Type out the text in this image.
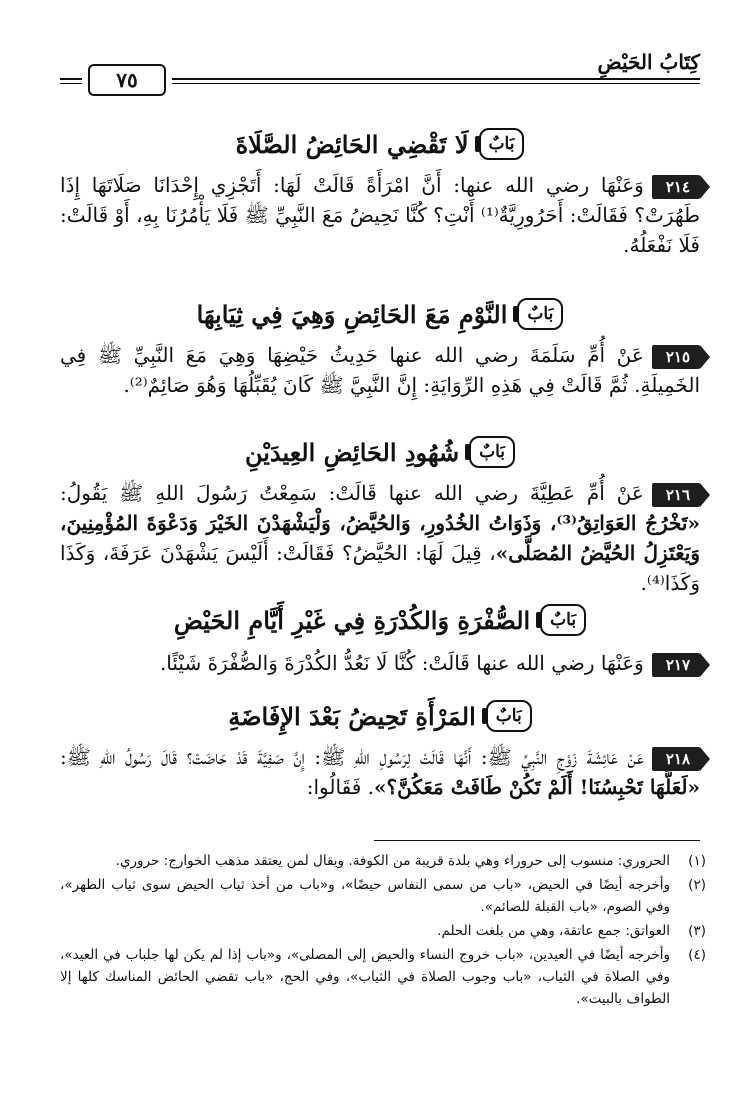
كِتَابُ الحَيْضِ
٧٥
بَابٌ
لَا تَقْضِي الحَائِضُ الصَّلَاةَ
٢١٤وَعَنْهَا رضي الله عنها: أَنَّ امْرَأَةً قَالَتْ لَهَا: أَتَجْزِي إِحْدَانَا صَلَاتَهَا إِذَا طَهُرَتْ؟ فَقَالَتْ: أَحَرُورِيَّةٌ⁽¹⁾ أَنْتِ؟ كُنَّا نَحِيضُ مَعَ النَّبِيِّ ﷺ فَلَا يَأْمُرُنَا بِهِ، أَوْ قَالَتْ: فَلَا نَفْعَلُهُ.
بَابٌ
النَّوْمِ مَعَ الحَائِضِ وَهِيَ فِي ثِيَابِهَا
٢١٥عَنْ أُمِّ سَلَمَةَ رضي الله عنها حَدِيثُ حَيْضِهَا وَهِيَ مَعَ النَّبِيِّ ﷺ فِي الخَمِيلَةِ. ثُمَّ قَالَتْ فِي هَذِهِ الرِّوَايَةِ: إِنَّ النَّبِيَّ ﷺ كَانَ يُقَبِّلُهَا وَهُوَ صَائِمٌ⁽²⁾.
بَابٌ
شُهُودِ الحَائِضِ العِيدَيْنِ
٢١٦عَنْ أُمِّ عَطِيَّةَ رضي الله عنها قَالَتْ: سَمِعْتُ رَسُولَ اللهِ ﷺ يَقُولُ: «تَخْرُجُ العَوَاتِقُ⁽³⁾، وَذَوَاتُ الخُدُورِ، وَالحُيَّضُ، وَلْيَشْهَدْنَ الخَيْرَ وَدَعْوَةَ المُؤْمِنِينَ، وَيَعْتَزِلُ الحُيَّضُ المُصَلَّى»، قِيلَ لَهَا: الحُيَّضُ؟ فَقَالَتْ: أَلَيْسَ يَشْهَدْنَ عَرَفَةَ، وَكَذَا وَكَذَا⁽⁴⁾.
بَابٌ
الصُّفْرَةِ وَالكُدْرَةِ فِي غَيْرِ أَيَّامِ الحَيْضِ
٢١٧وَعَنْهَا رضي الله عنها قَالَتْ: كُنَّا لَا نَعُدُّ الكُدْرَةَ وَالصُّفْرَةَ شَيْئًا.
بَابٌ
المَرْأَةِ تَحِيضُ بَعْدَ الإِفَاضَةِ
٢١٨عَنْ عَائِشَةَ زَوْجِ النَّبِيِّ ﷺ: أَنَّهَا قَالَتْ لِرَسُولِ اللهِ ﷺ: إِنَّ صَفِيَّةَ قَدْ حَاضَتْ؟ قَالَ رَسُولُ اللهِ ﷺ: «لَعَلَّهَا تَحْبِسُنَا! أَلَمْ تَكُنْ طَافَتْ مَعَكُنَّ؟». فَقَالُوا:
(١)
الحروري: منسوب إلى حروراء وهي بلدة قريبة من الكوفة. ويقال لمن يعتقد مذهب الخوارج: حروري.
(٢)
وأخرجه أيضًا في الحيض، «باب من سمى النفاس حيضًا»، و«باب من أخذ ثياب الحيض سوى ثياب الطهر»، وفي الصوم، «باب القبلة للصائم».
(٣)
العواتق: جمع عاتقة، وهي من بلغت الحلم.
(٤)
وأخرجه أيضًا في العيدين، «باب خروج النساء والحيض إلى المصلى»، و«باب إذا لم يكن لها جلباب في العيد»، وفي الصلاة في الثياب، «باب وجوب الصلاة في الثياب»، وفي الحج، «باب تقضي الحائض المناسك كلها إلا الطواف بالبيت».
